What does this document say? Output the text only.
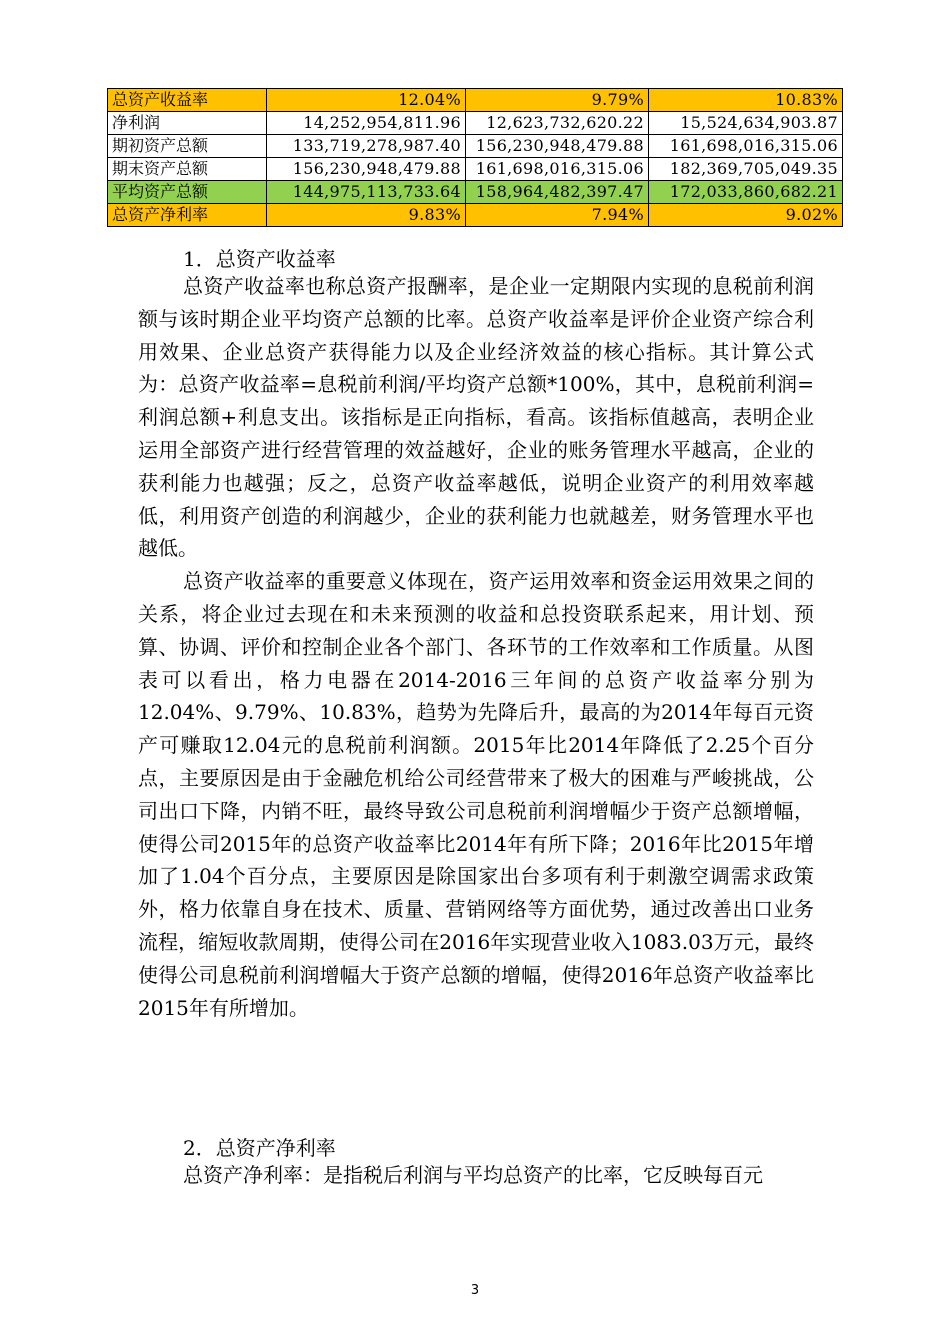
总资产收益率	12.04%	9.79%	10.83%
净利润	14,252,954,811.96	12,623,732,620.22	15,524,634,903.87
期初资产总额	133,719,278,987.40	156,230,948,479.88	161,698,016,315.06
期末资产总额	156,230,948,479.88	161,698,016,315.06	182,369,705,049.35
平均资产总额	144,975,113,733.64	158,964,482,397.47	172,033,860,682.21
总资产净利率	9.83%	7.94%	9.02%
1．总资产收益率

总资产收益率也称总资产报酬率，是企业一定期限内实现的息税前利润额与该时期企业平均资产总额的比率。总资产收益率是评价企业资产综合利用效果、企业总资产获得能力以及企业经济效益的核心指标。其计算公式为：总资产收益率=息税前利润/平均资产总额*100%，其中，息税前利润=利润总额+利息支出。该指标是正向指标，看高。该指标值越高，表明企业运用全部资产进行经营管理的效益越好，企业的账务管理水平越高，企业的获利能力也越强；反之，总资产收益率越低，说明企业资产的利用效率越低，利用资产创造的利润越少，企业的获利能力也就越差，财务管理水平也越低。

总资产收益率的重要意义体现在，资产运用效率和资金运用效果之间的关系，将企业过去现在和未来预测的收益和总投资联系起来，用计划、预算、协调、评价和控制企业各个部门、各环节的工作效率和工作质量。从图表可以看出，格力电器在2014-2016三年间的总资产收益率分别为12.04%、9.79%、10.83%，趋势为先降后升，最高的为2014年每百元资产可赚取12.04元的息税前利润额。2015年比2014年降低了2.25个百分点，主要原因是由于金融危机给公司经营带来了极大的困难与严峻挑战，公司出口下降，内销不旺，最终导致公司息税前利润增幅少于资产总额增幅，使得公司2015年的总资产收益率比2014年有所下降；2016年比2015年增加了1.04个百分点，主要原因是除国家出台多项有利于刺激空调需求政策外，格力依靠自身在技术、质量、营销网络等方面优势，通过改善出口业务流程，缩短收款周期，使得公司在2016年实现营业收入1083.03万元，最终使得公司息税前利润增幅大于资产总额的增幅，使得2016年总资产收益率比2015年有所增加。

2．总资产净利率

总资产净利率：是指税后利润与平均总资产的比率，它反映每百元

3
